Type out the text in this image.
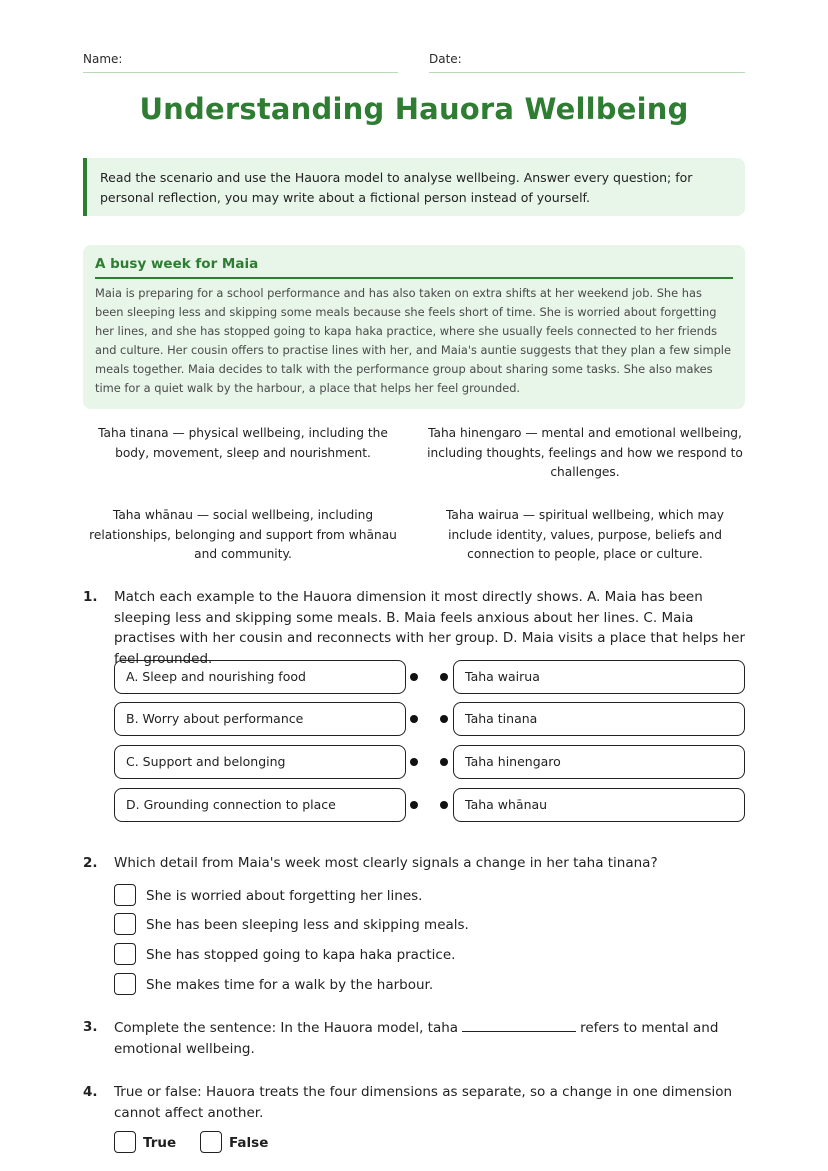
Name:	Date:
Understanding Hauora Wellbeing
Read the scenario and use the Hauora model to analyse wellbeing. Answer every question; for personal reflection, you may write about a fictional person instead of yourself.
A busy week for Maia
Maia is preparing for a school performance and has also taken on extra shifts at her weekend job. She has been sleeping less and skipping some meals because she feels short of time. She is worried about forgetting her lines, and she has stopped going to kapa haka practice, where she usually feels connected to her friends and culture. Her cousin offers to practise lines with her, and Maia's auntie suggests that they plan a few simple meals together. Maia decides to talk with the performance group about sharing some tasks. She also makes time for a quiet walk by the harbour, a place that helps her feel grounded.
Taha tinana — physical wellbeing, including the body, movement, sleep and nourishment.
Taha hinengaro — mental and emotional wellbeing, including thoughts, feelings and how we respond to challenges.
Taha whānau — social wellbeing, including relationships, belonging and support from whānau and community.
Taha wairua — spiritual wellbeing, which may include identity, values, purpose, beliefs and connection to people, place or culture.
1. Match each example to the Hauora dimension it most directly shows. A. Maia has been sleeping less and skipping some meals. B. Maia feels anxious about her lines. C. Maia practises with her cousin and reconnects with her group. D. Maia visits a place that helps her feel grounded.
A. Sleep and nourishing food
B. Worry about performance
C. Support and belonging
D. Grounding connection to place
Taha wairua
Taha tinana
Taha hinengaro
Taha whānau
2. Which detail from Maia's week most clearly signals a change in her taha tinana?
She is worried about forgetting her lines.
She has been sleeping less and skipping meals.
She has stopped going to kapa haka practice.
She makes time for a walk by the harbour.
3. Complete the sentence: In the Hauora model, taha	refers to mental and emotional wellbeing.
4. True or false: Hauora treats the four dimensions as separate, so a change in one dimension cannot affect another.
True	False
